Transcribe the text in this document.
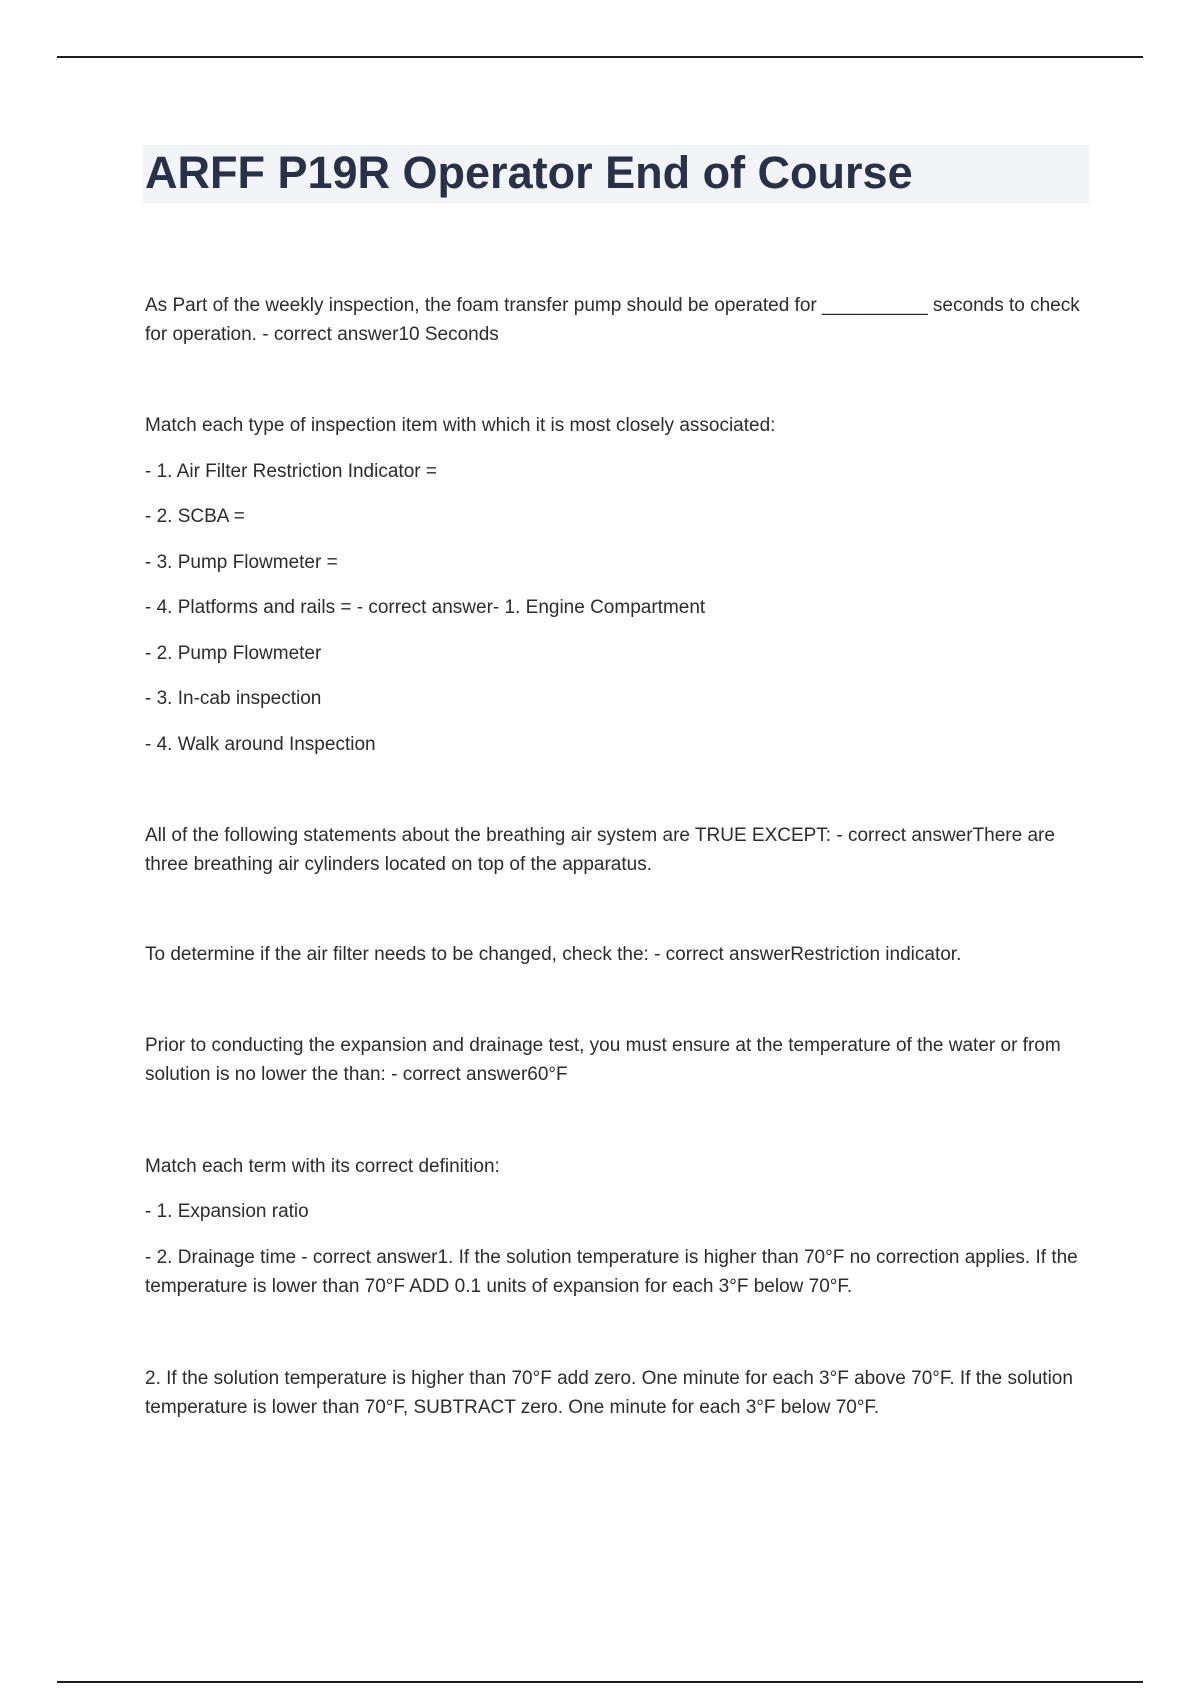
ARFF P19R Operator End of Course

As Part of the weekly inspection, the foam transfer pump should be operated for __________ seconds to check for operation. - correct answer10 Seconds

Match each type of inspection item with which it is most closely associated:

- 1. Air Filter Restriction Indicator =

- 2. SCBA =

- 3. Pump Flowmeter =

- 4. Platforms and rails = - correct answer- 1. Engine Compartment

- 2. Pump Flowmeter

- 3. In-cab inspection

- 4. Walk around Inspection

All of the following statements about the breathing air system are TRUE EXCEPT: - correct answerThere are three breathing air cylinders located on top of the apparatus.

To determine if the air filter needs to be changed, check the: - correct answerRestriction indicator.

Prior to conducting the expansion and drainage test, you must ensure at the temperature of the water or from solution is no lower the than: - correct answer60°F

Match each term with its correct definition:

- 1. Expansion ratio

- 2. Drainage time - correct answer1. If the solution temperature is higher than 70°F no correction applies. If the temperature is lower than 70°F ADD 0.1 units of expansion for each 3°F below 70°F.

2. If the solution temperature is higher than 70°F add zero. One minute for each 3°F above 70°F. If the solution temperature is lower than 70°F, SUBTRACT zero. One minute for each 3°F below 70°F.
